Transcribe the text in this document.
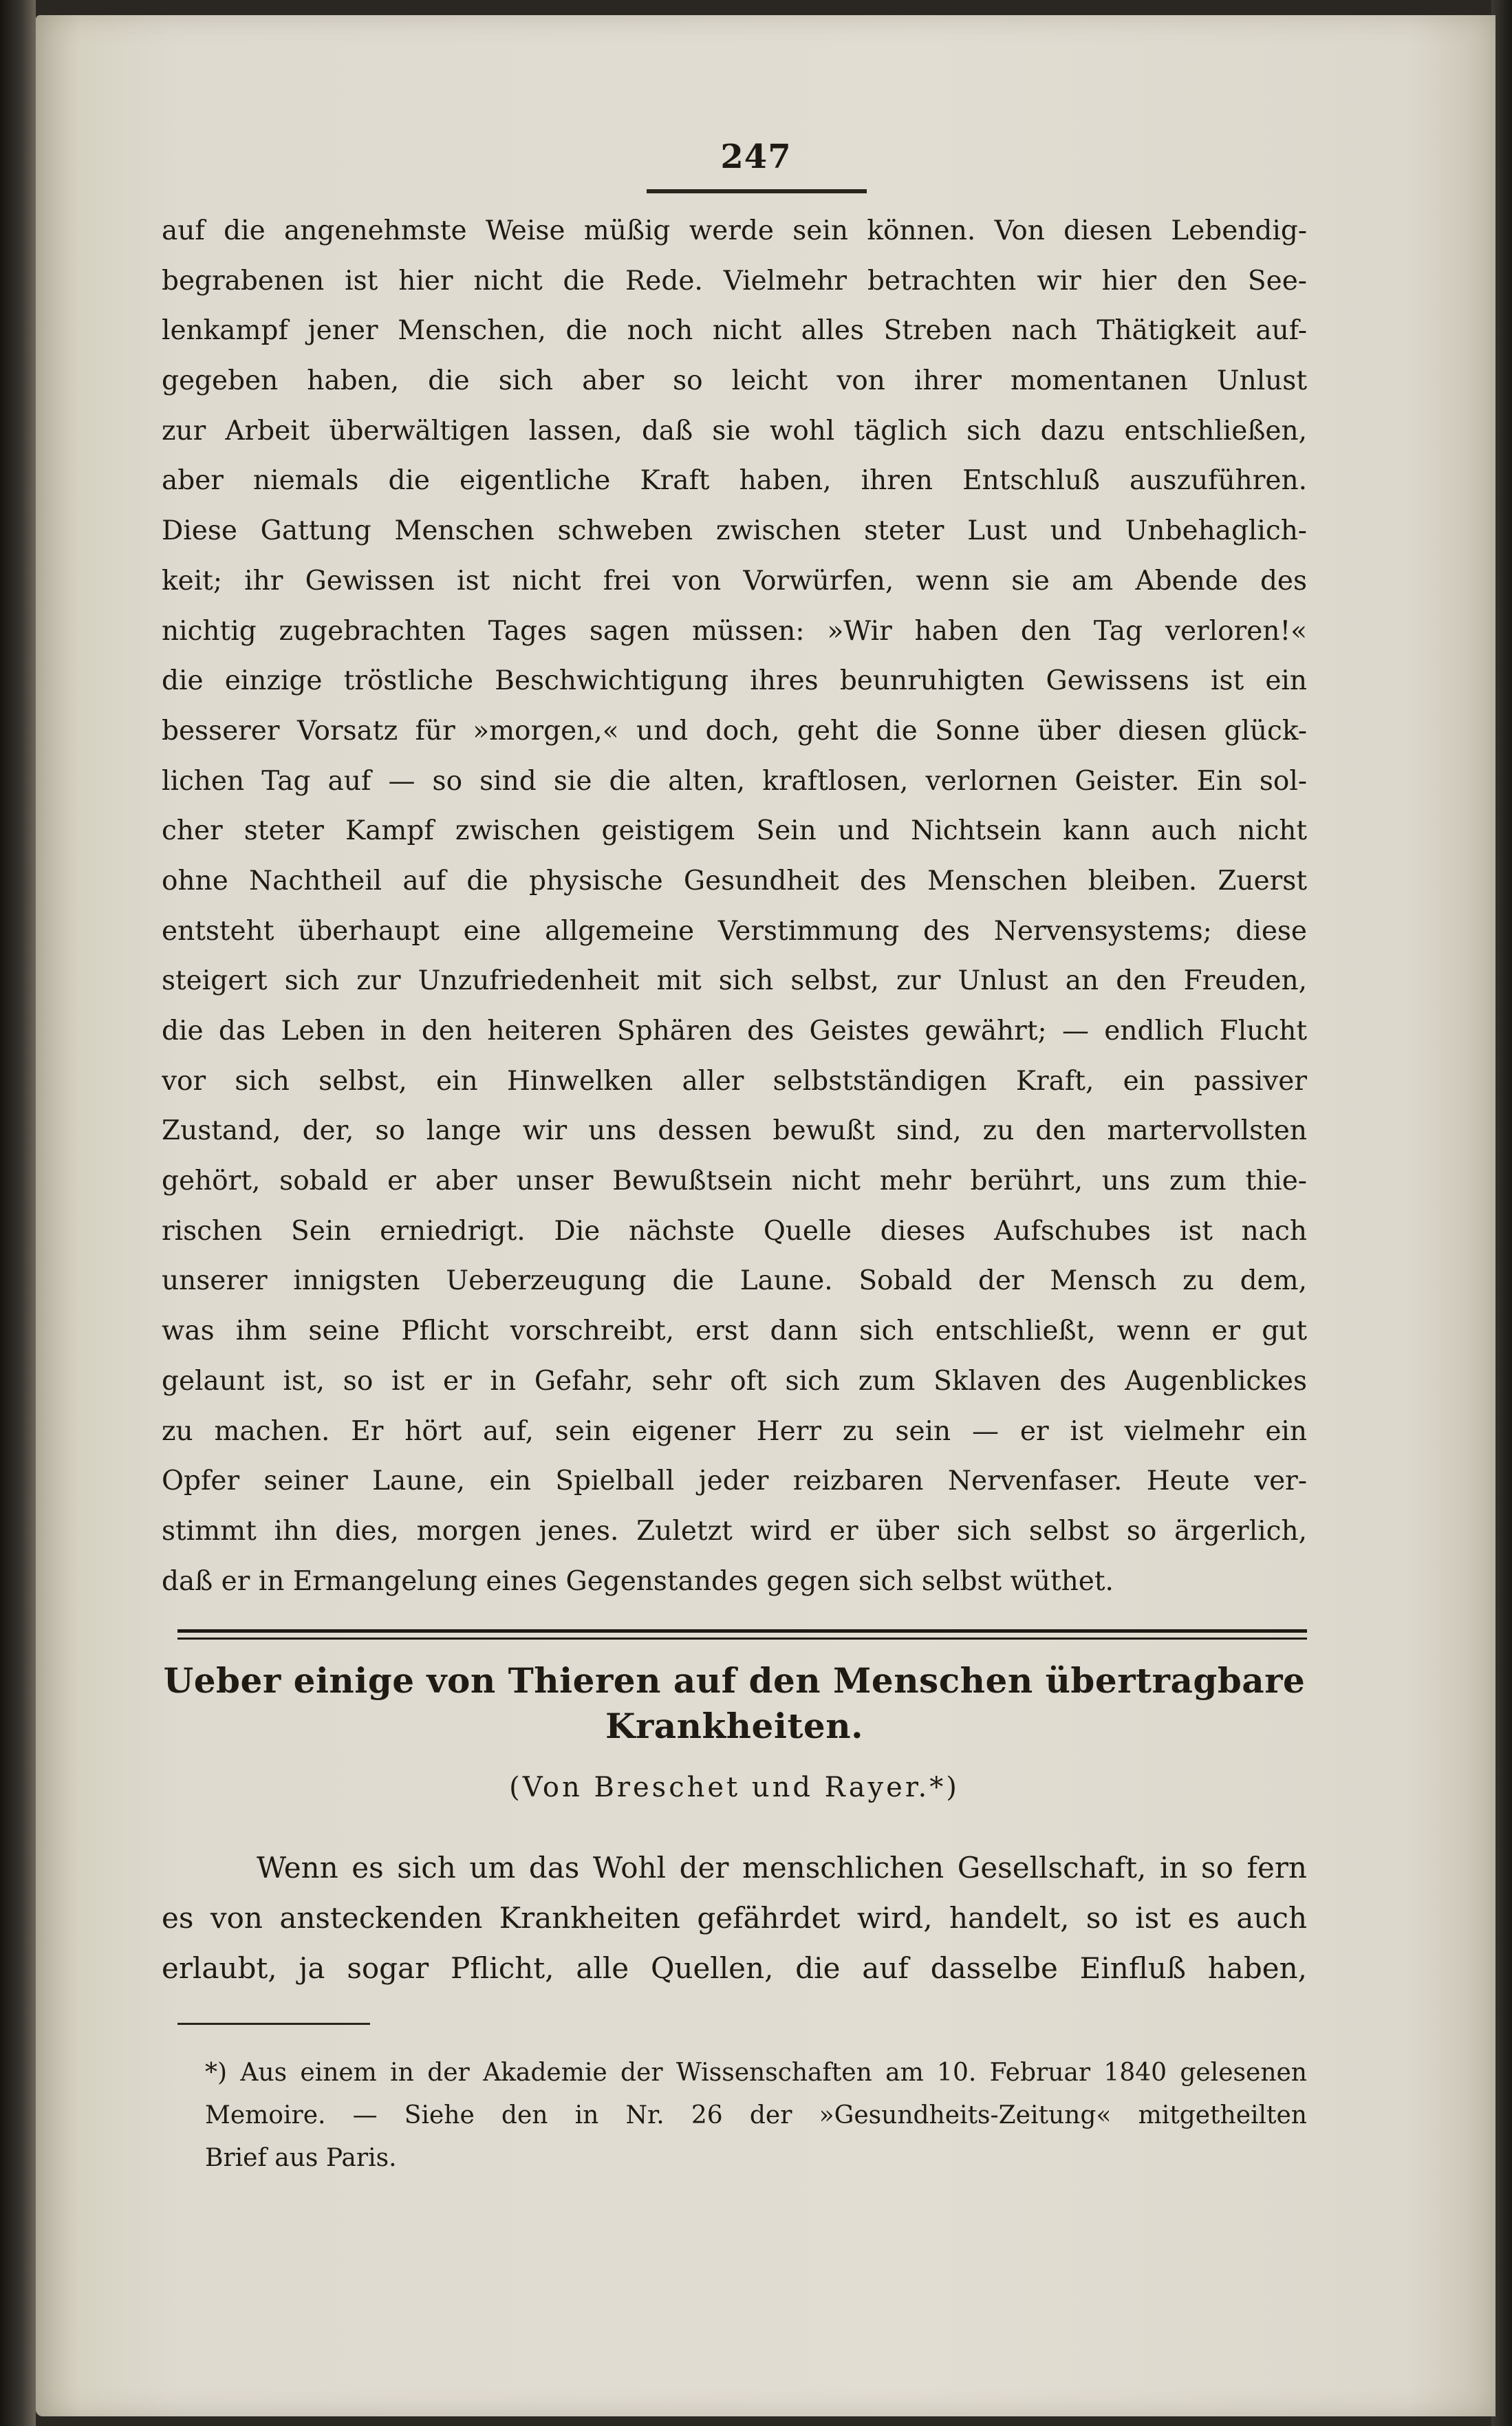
247
auf die angenehmste Weise müßig werde sein können. Von diesen Lebendig-
begrabenen ist hier nicht die Rede. Vielmehr betrachten wir hier den See-
lenkampf jener Menschen, die noch nicht alles Streben nach Thätigkeit auf-
gegeben haben, die sich aber so leicht von ihrer momentanen Unlust
zur Arbeit überwältigen lassen, daß sie wohl täglich sich dazu entschließen,
aber niemals die eigentliche Kraft haben, ihren Entschluß auszuführen.
Diese Gattung Menschen schweben zwischen steter Lust und Unbehaglich-
keit; ihr Gewissen ist nicht frei von Vorwürfen, wenn sie am Abende des
nichtig zugebrachten Tages sagen müssen: »Wir haben den Tag verloren!«
die einzige tröstliche Beschwichtigung ihres beunruhigten Gewissens ist ein
besserer Vorsatz für »morgen,« und doch, geht die Sonne über diesen glück-
lichen Tag auf — so sind sie die alten, kraftlosen, verlornen Geister. Ein sol-
cher steter Kampf zwischen geistigem Sein und Nichtsein kann auch nicht
ohne Nachtheil auf die physische Gesundheit des Menschen bleiben. Zuerst
entsteht überhaupt eine allgemeine Verstimmung des Nervensystems; diese
steigert sich zur Unzufriedenheit mit sich selbst, zur Unlust an den Freuden,
die das Leben in den heiteren Sphären des Geistes gewährt; — endlich Flucht
vor sich selbst, ein Hinwelken aller selbstständigen Kraft, ein passiver
Zustand, der, so lange wir uns dessen bewußt sind, zu den martervollsten
gehört, sobald er aber unser Bewußtsein nicht mehr berührt, uns zum thie-
rischen Sein erniedrigt. Die nächste Quelle dieses Aufschubes ist nach
unserer innigsten Ueberzeugung die Laune. Sobald der Mensch zu dem,
was ihm seine Pflicht vorschreibt, erst dann sich entschließt, wenn er gut
gelaunt ist, so ist er in Gefahr, sehr oft sich zum Sklaven des Augenblickes
zu machen. Er hört auf, sein eigener Herr zu sein — er ist vielmehr ein
Opfer seiner Laune, ein Spielball jeder reizbaren Nervenfaser. Heute ver-
stimmt ihn dies, morgen jenes. Zuletzt wird er über sich selbst so ärgerlich,
daß er in Ermangelung eines Gegenstandes gegen sich selbst wüthet.
Ueber einige von Thieren auf den Menschen übertragbare
Krankheiten.
(Von Breschet und Rayer.*)
Wenn es sich um das Wohl der menschlichen Gesellschaft, in so fern
es von ansteckenden Krankheiten gefährdet wird, handelt, so ist es auch
erlaubt, ja sogar Pflicht, alle Quellen, die auf dasselbe Einfluß haben,
*) Aus einem in der Akademie der Wissenschaften am 10. Februar 1840 gelesenen
Memoire. — Siehe den in Nr. 26 der »Gesundheits-Zeitung« mitgetheilten
Brief aus Paris.
